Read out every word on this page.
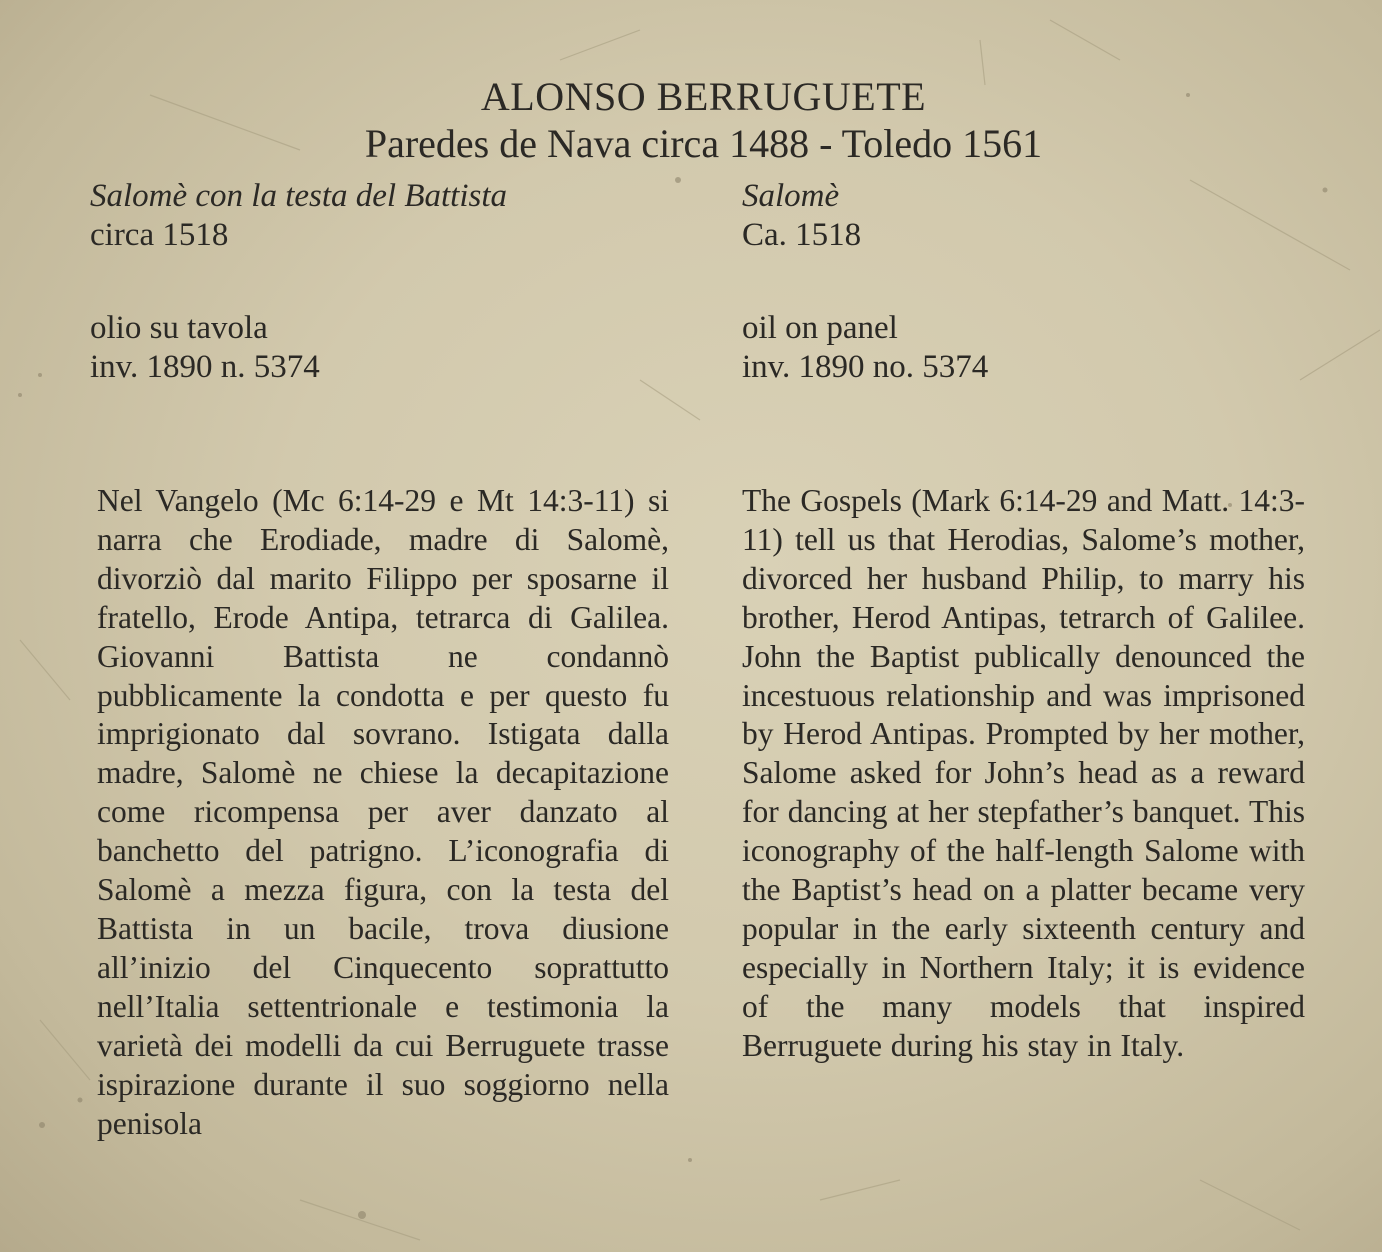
ALONSO BERRUGUETE
Paredes de Nava circa 1488 - Toledo 1561
Salomè con la testa del Battista
circa 1518
olio su tavola
inv. 1890 n. 5374
Salomè
Ca. 1518
oil on panel
inv. 1890 no. 5374
Nel Vangelo (Mc 6:14-29 e Mt 14:3-11) si narra che Erodiade, madre di Salomè, divorziò dal marito Filippo per sposarne il fratello, Erode Antipa, tetrarca di Galilea. Giovanni Battista ne condannò pubblicamente la condotta e per questo fu imprigionato dal sovrano. Istigata dalla madre, Salomè ne chiese la decapitazione come ricompensa per aver danzato al banchetto del patrigno. L’iconografia di Salomè a mezza figura, con la testa del Battista in un bacile, trova diusione all’inizio del Cinquecento soprattutto nell’Italia settentrionale e testimonia la varietà dei modelli da cui Berruguete trasse ispirazione durante il suo soggiorno nella penisola
The Gospels (Mark 6:14-29 and Matt. 14:3-11) tell us that Herodias, Salome’s mother, divorced her husband Philip, to marry his brother, Herod Antipas, tetrarch of Galilee. John the Baptist publically denounced the incestuous relationship and was imprisoned by Herod Antipas. Prompted by her mother, Salome asked for John’s head as a reward for dancing at her stepfather’s banquet. This iconography of the half-length Salome with the Baptist’s head on a platter became very popular in the early sixteenth century and especially in Northern Italy; it is evidence of the many models that inspired Berruguete during his stay in Italy.
